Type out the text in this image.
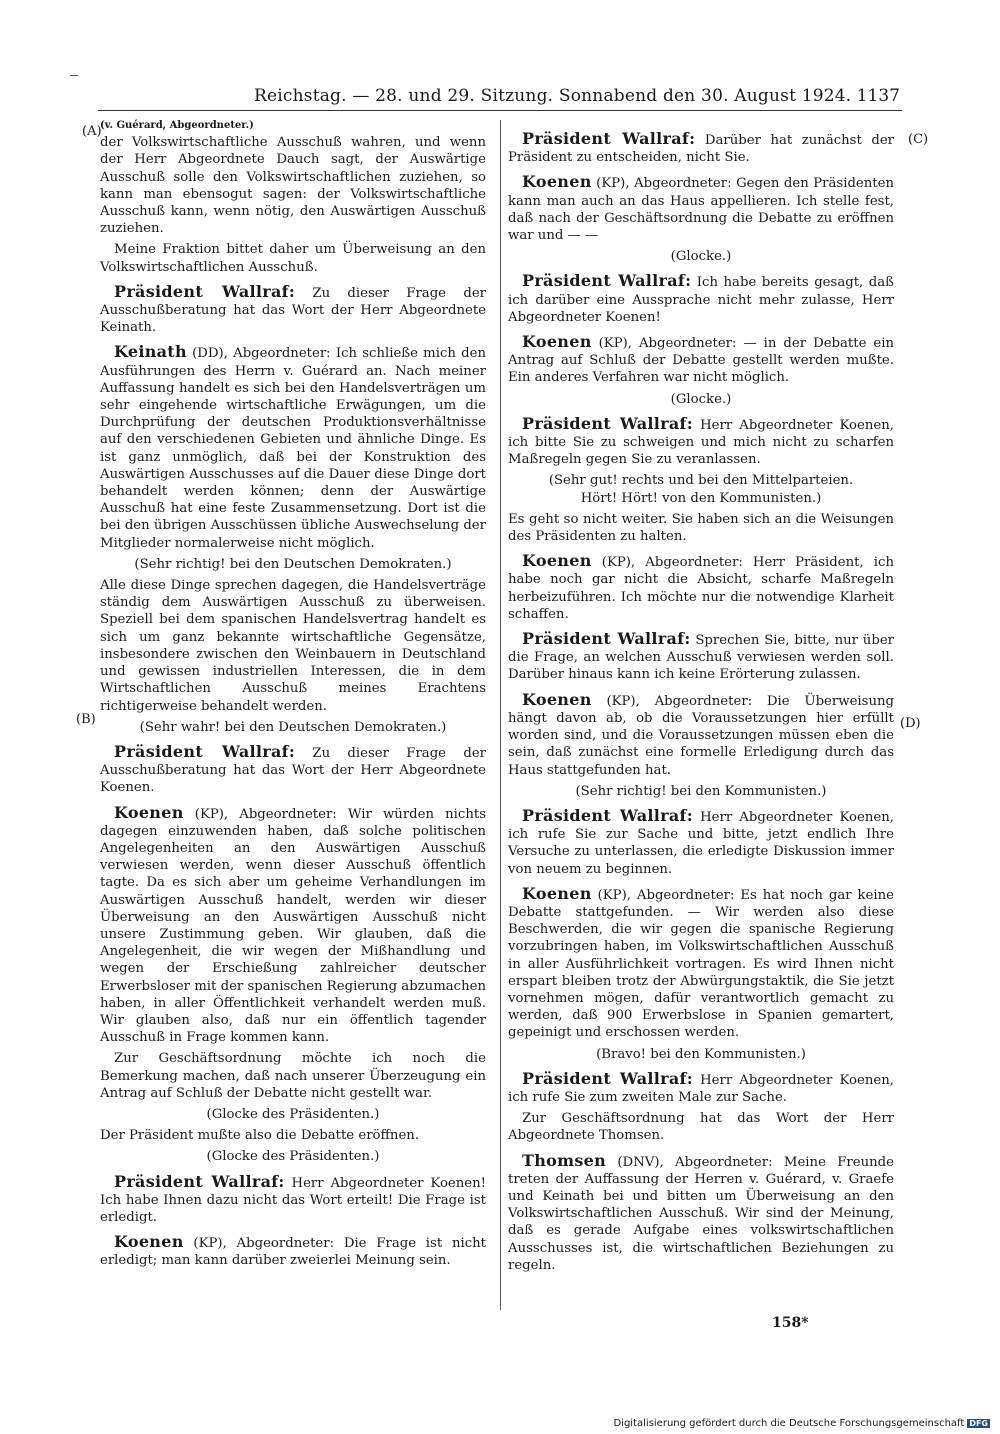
Reichstag. — 28. und 29. Sitzung. Sonnabend den 30. August 1924. 1137
(A)
(B)
(C)
(D)

(v. Guérard, Abgeordneter.)
der Volkswirtschaftliche Ausschuß wahren, und wenn der Herr Abgeordnete Dauch sagt, der Auswärtige Ausschuß solle den Volkswirtschaftlichen zuziehen, so kann man ebensogut sagen: der Volkswirtschaftliche Ausschuß kann, wenn nötig, den Auswärtigen Ausschuß zuziehen.

Meine Fraktion bittet daher um Überweisung an den Volkswirtschaftlichen Ausschuß.

Präsident Wallraf: Zu dieser Frage der Ausschußberatung hat das Wort der Herr Abgeordnete Keinath.

Keinath (DD), Abgeordneter: Ich schließe mich den Ausführungen des Herrn v. Guérard an. Nach meiner Auffassung handelt es sich bei den Handelsverträgen um sehr eingehende wirtschaftliche Erwägungen, um die Durchprüfung der deutschen Produktionsverhältnisse auf den verschiedenen Gebieten und ähnliche Dinge. Es ist ganz unmöglich, daß bei der Konstruktion des Auswärtigen Ausschusses auf die Dauer diese Dinge dort behandelt werden können; denn der Auswärtige Ausschuß hat eine feste Zusammensetzung. Dort ist die bei den übrigen Ausschüssen übliche Auswechselung der Mitglieder normalerweise nicht möglich.

(Sehr richtig! bei den Deutschen Demokraten.)

Alle diese Dinge sprechen dagegen, die Handelsverträge ständig dem Auswärtigen Ausschuß zu überweisen. Speziell bei dem spanischen Handelsvertrag handelt es sich um ganz bekannte wirtschaftliche Gegensätze, insbesondere zwischen den Weinbauern in Deutschland und gewissen industriellen Interessen, die in dem Wirtschaftlichen Ausschuß meines Erachtens richtigerweise behandelt werden.

(Sehr wahr! bei den Deutschen Demokraten.)

Präsident Wallraf: Zu dieser Frage der Ausschußberatung hat das Wort der Herr Abgeordnete Koenen.

Koenen (KP), Abgeordneter: Wir würden nichts dagegen einzuwenden haben, daß solche politischen Angelegenheiten an den Auswärtigen Ausschuß verwiesen werden, wenn dieser Ausschuß öffentlich tagte. Da es sich aber um geheime Verhandlungen im Auswärtigen Ausschuß handelt, werden wir dieser Überweisung an den Auswärtigen Ausschuß nicht unsere Zustimmung geben. Wir glauben, daß die Angelegenheit, die wir wegen der Mißhandlung und wegen der Erschießung zahlreicher deutscher Erwerbsloser mit der spanischen Regierung abzumachen haben, in aller Öffentlichkeit verhandelt werden muß. Wir glauben also, daß nur ein öffentlich tagender Ausschuß in Frage kommen kann.

Zur Geschäftsordnung möchte ich noch die Bemerkung machen, daß nach unserer Überzeugung ein Antrag auf Schluß der Debatte nicht gestellt war.

(Glocke des Präsidenten.)

Der Präsident mußte also die Debatte eröffnen.

(Glocke des Präsidenten.)

Präsident Wallraf: Herr Abgeordneter Koenen! Ich habe Ihnen dazu nicht das Wort erteilt! Die Frage ist erledigt.

Koenen (KP), Abgeordneter: Die Frage ist nicht erledigt; man kann darüber zweierlei Meinung sein.

Präsident Wallraf: Darüber hat zunächst der Präsident zu entscheiden, nicht Sie.

Koenen (KP), Abgeordneter: Gegen den Präsidenten kann man auch an das Haus appellieren. Ich stelle fest, daß nach der Geschäftsordnung die Debatte zu eröffnen war und — —

(Glocke.)

Präsident Wallraf: Ich habe bereits gesagt, daß ich darüber eine Aussprache nicht mehr zulasse, Herr Abgeordneter Koenen!

Koenen (KP), Abgeordneter: — in der Debatte ein Antrag auf Schluß der Debatte gestellt werden mußte. Ein anderes Verfahren war nicht möglich.

(Glocke.)

Präsident Wallraf: Herr Abgeordneter Koenen, ich bitte Sie zu schweigen und mich nicht zu scharfen Maßregeln gegen Sie zu veranlassen.

(Sehr gut! rechts und bei den Mittelparteien.

Hört! Hört! von den Kommunisten.)

Es geht so nicht weiter. Sie haben sich an die Weisungen des Präsidenten zu halten.

Koenen (KP), Abgeordneter: Herr Präsident, ich habe noch gar nicht die Absicht, scharfe Maßregeln herbeizuführen. Ich möchte nur die notwendige Klarheit schaffen.

Präsident Wallraf: Sprechen Sie, bitte, nur über die Frage, an welchen Ausschuß verwiesen werden soll. Darüber hinaus kann ich keine Erörterung zulassen.

Koenen (KP), Abgeordneter: Die Überweisung hängt davon ab, ob die Voraussetzungen hier erfüllt worden sind, und die Voraussetzungen müssen eben die sein, daß zunächst eine formelle Erledigung durch das Haus stattgefunden hat.

(Sehr richtig! bei den Kommunisten.)

Präsident Wallraf: Herr Abgeordneter Koenen, ich rufe Sie zur Sache und bitte, jetzt endlich Ihre Versuche zu unterlassen, die erledigte Diskussion immer von neuem zu beginnen.

Koenen (KP), Abgeordneter: Es hat noch gar keine Debatte stattgefunden. — Wir werden also diese Beschwerden, die wir gegen die spanische Regierung vorzubringen haben, im Volkswirtschaftlichen Ausschuß in aller Ausführlichkeit vortragen. Es wird Ihnen nicht erspart bleiben trotz der Abwürgungstaktik, die Sie jetzt vornehmen mögen, dafür verantwortlich gemacht zu werden, daß 900 Erwerbslose in Spanien gemartert, gepeinigt und erschossen werden.

(Bravo! bei den Kommunisten.)

Präsident Wallraf: Herr Abgeordneter Koenen, ich rufe Sie zum zweiten Male zur Sache.

Zur Geschäftsordnung hat das Wort der Herr Abgeordnete Thomsen.

Thomsen (DNV), Abgeordneter: Meine Freunde treten der Auffassung der Herren v. Guérard, v. Graefe und Keinath bei und bitten um Überweisung an den Volkswirtschaftlichen Ausschuß. Wir sind der Meinung, daß es gerade Aufgabe eines volkswirtschaftlichen Ausschusses ist, die wirtschaftlichen Beziehungen zu regeln.

158*
Digitalisierung gefördert durch die Deutsche Forschungsgemeinschaft DFG
